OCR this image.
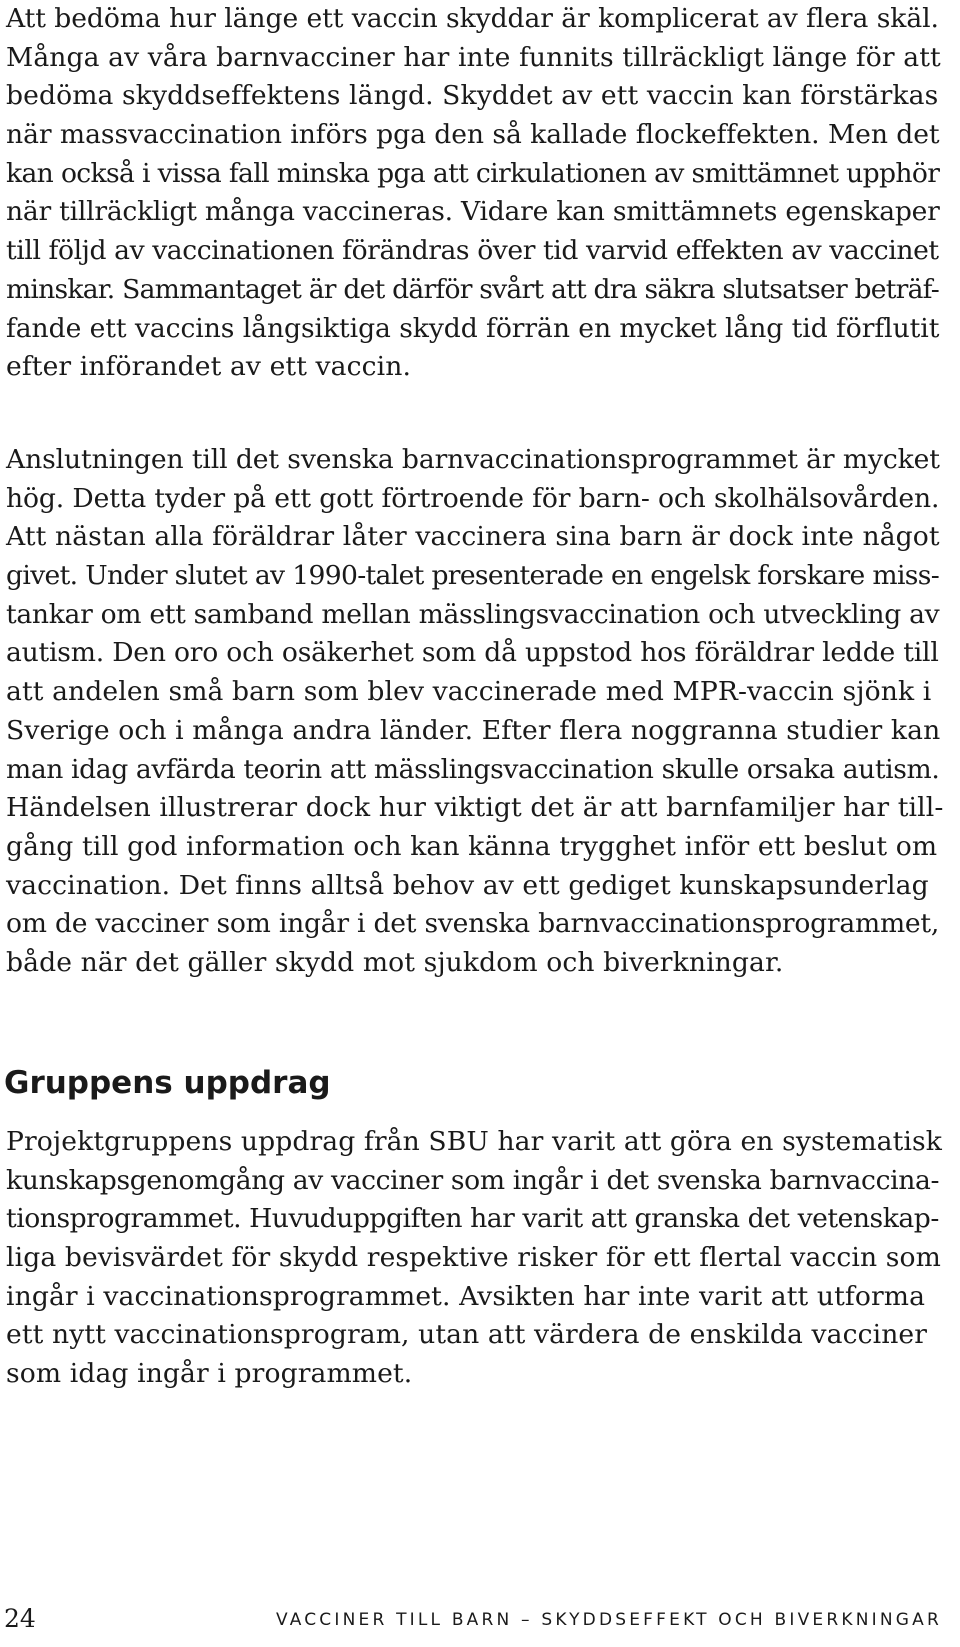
Att bedöma hur länge ett vaccin skyddar är komplicerat av flera skäl.
Många av våra barnvacciner har inte funnits tillräckligt länge för att
bedöma skyddseffektens längd. Skyddet av ett vaccin kan förstärkas
när massvaccination införs pga den så kallade flockeffekten. Men det
kan också i vissa fall minska pga att cirkulationen av smittämnet upphör
när tillräckligt många vaccineras. Vidare kan smittämnets egenskaper
till följd av vaccinationen förändras över tid varvid effekten av vaccinet
minskar. Sammantaget är det därför svårt att dra säkra slutsatser beträf-
fande ett vaccins långsiktiga skydd förrän en mycket lång tid förflutit
efter införandet av ett vaccin.

Anslutningen till det svenska barnvaccinationsprogrammet är mycket
hög. Detta tyder på ett gott förtroende för barn- och skolhälsovården.
Att nästan alla föräldrar låter vaccinera sina barn är dock inte något
givet. Under slutet av 1990-talet presenterade en engelsk forskare miss-
tankar om ett samband mellan mässlingsvaccination och utveckling av
autism. Den oro och osäkerhet som då uppstod hos föräldrar ledde till
att andelen små barn som blev vaccinerade med MPR-vaccin sjönk i
Sverige och i många andra länder. Efter flera noggranna studier kan
man idag avfärda teorin att mässlingsvaccination skulle orsaka autism.
Händelsen illustrerar dock hur viktigt det är att barnfamiljer har till-
gång till god information och kan känna trygghet inför ett beslut om
vaccination. Det finns alltså behov av ett gediget kunskapsunderlag
om de vacciner som ingår i det svenska barnvaccinationsprogrammet,
både när det gäller skydd mot sjukdom och biverkningar.

Gruppens uppdrag

Projektgruppens uppdrag från SBU har varit att göra en systematisk
kunskapsgenomgång av vacciner som ingår i det svenska barnvaccina-
tionsprogrammet. Huvuduppgiften har varit att granska det vetenskap-
liga bevisvärdet för skydd respektive risker för ett flertal vaccin som
ingår i vaccinationsprogrammet. Avsikten har inte varit att utforma
ett nytt vaccinationsprogram, utan att värdera de enskilda vacciner
som idag ingår i programmet.

24	VACCINER TILL BARN – SKYDDSEFFEKT OCH BIVERKNINGAR
